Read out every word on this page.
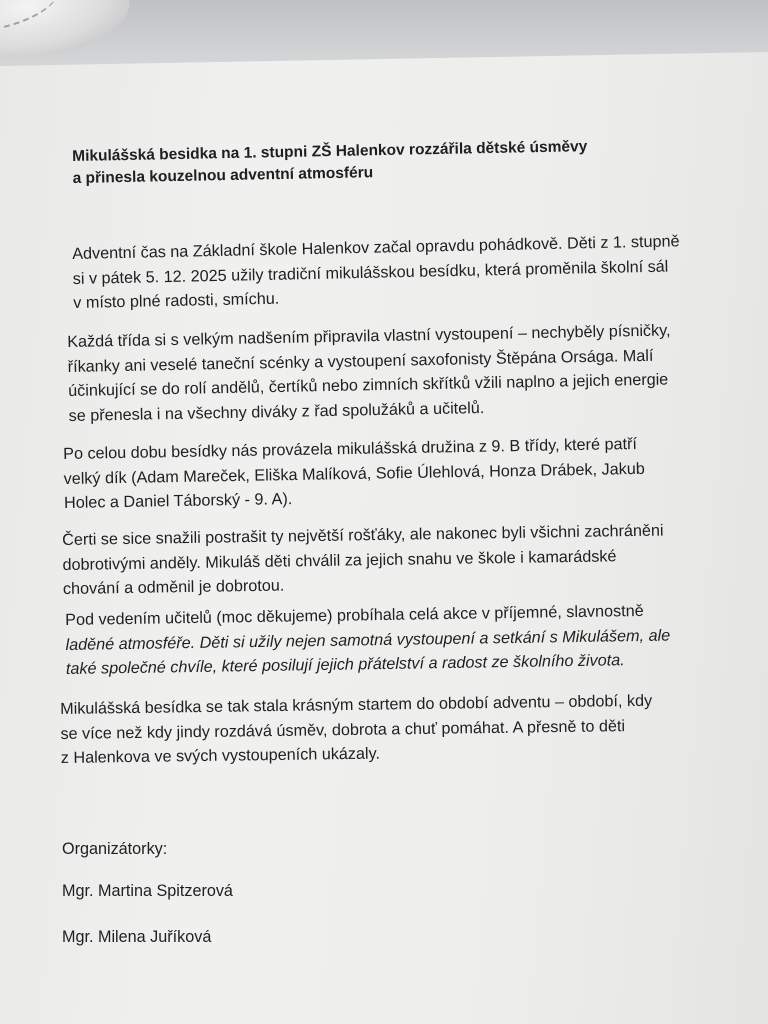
Mikulášská besidka na 1. stupni ZŠ Halenkov rozzářila dětské úsměvy
a přinesla kouzelnou adventní atmosféru

Adventní čas na Základní škole Halenkov začal opravdu pohádkově. Děti z 1. stupně
si v pátek 5. 12. 2025 užily tradiční mikulášskou besídku, která proměnila školní sál
v místo plné radosti, smíchu.

Každá třída si s velkým nadšením připravila vlastní vystoupení – nechyběly písničky,
říkanky ani veselé taneční scénky a vystoupení saxofonisty Štěpána Orsága. Malí
účinkující se do rolí andělů, čertíků nebo zimních skřítků vžili naplno a jejich energie
se přenesla i na všechny diváky z řad spolužáků a učitelů.

Po celou dobu besídky nás provázela mikulášská družina z 9. B třídy, které patří
velký dík (Adam Mareček, Eliška Malíková, Sofie Úlehlová, Honza Drábek, Jakub
Holec a Daniel Táborský - 9. A).

Čerti se sice snažili postrašit ty největší rošťáky, ale nakonec byli všichni zachráněni
dobrotivými anděly. Mikuláš děti chválil za jejich snahu ve škole i kamarádské
chování a odměnil je dobrotou.

Pod vedením učitelů (moc děkujeme) probíhala celá akce v příjemné, slavnostně
laděné atmosféře. Děti si užily nejen samotná vystoupení a setkání s Mikulášem, ale
také společné chvíle, které posilují jejich přátelství a radost ze školního života.

Mikulášská besídka se tak stala krásným startem do období adventu – období, kdy
se více než kdy jindy rozdává úsměv, dobrota a chuť pomáhat. A přesně to děti
z Halenkova ve svých vystoupeních ukázaly.

Organizátorky:

Mgr. Martina Spitzerová

Mgr. Milena Juříková
